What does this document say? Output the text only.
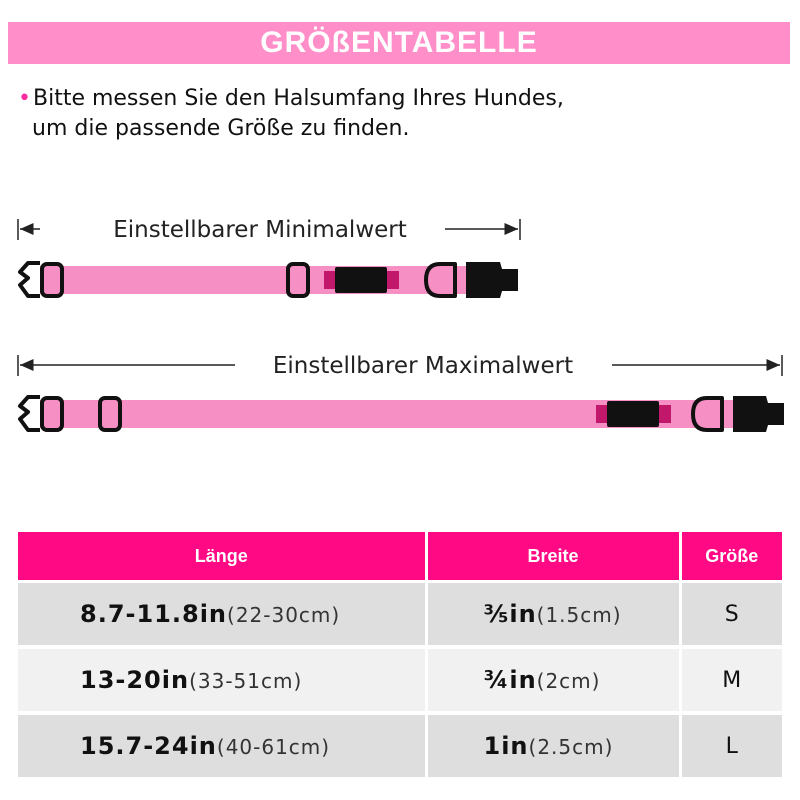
GRÖßENTABELLE
•Bitte messen Sie den Halsumfang Ihres Hundes,
um die passende Größe zu finden.
Einstellbarer Minimalwert
Einstellbarer Maximalwert
Länge	Breite	Größe
8.7-11.8in(22-30cm)	⅗in(1.5cm)	S
13-20in(33-51cm)	¾in(2cm)	M
15.7-24in(40-61cm)	1in(2.5cm)	L
